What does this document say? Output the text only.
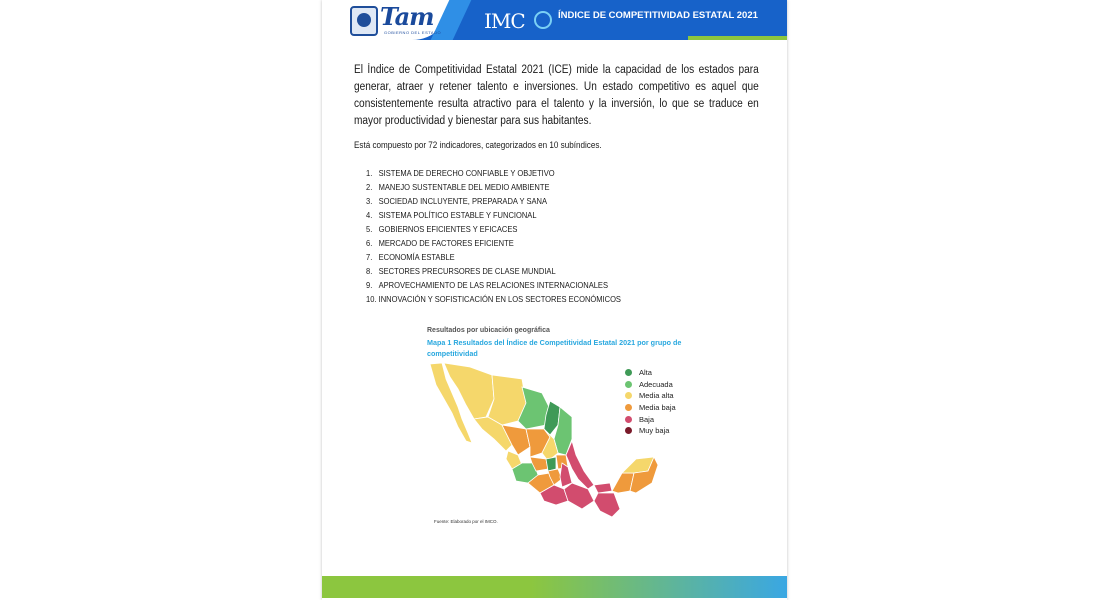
Tam
GOBIERNO DEL ESTADO IMC	ÍNDICE DE COMPETITIVIDAD ESTATAL 2021

El Índice de Competitividad Estatal 2021 (ICE) mide la capacidad de los estados para generar, atraer y retener talento e inversiones. Un estado competitivo es aquel que consistentemente resulta atractivo para el talento y la inversión, lo que se traduce en mayor productividad y bienestar para sus habitantes.

Está compuesto por 72 indicadores, categorizados en 10 subíndices.

1. SISTEMA DE DERECHO CONFIABLE Y OBJETIVO
2. MANEJO SUSTENTABLE DEL MEDIO AMBIENTE
3. SOCIEDAD INCLUYENTE, PREPARADA Y SANA
4. SISTEMA POLÍTICO ESTABLE Y FUNCIONAL
5. GOBIERNOS EFICIENTES Y EFICACES
6. MERCADO DE FACTORES EFICIENTE
7. ECONOMÍA ESTABLE
8. SECTORES PRECURSORES DE CLASE MUNDIAL
9. APROVECHAMIENTO DE LAS RELACIONES INTERNACIONALES
10. INNOVACIÓN Y SOFISTICACIÓN EN LOS SECTORES ECONÓMICOS
Resultados por ubicación geográfica
Mapa 1 Resultados del Índice de Competitividad Estatal 2021 por grupo de competitividad
Alta
Adecuada
Media alta
Media baja
Baja
Muy baja
Fuente: Elaborado por el IMCO.
